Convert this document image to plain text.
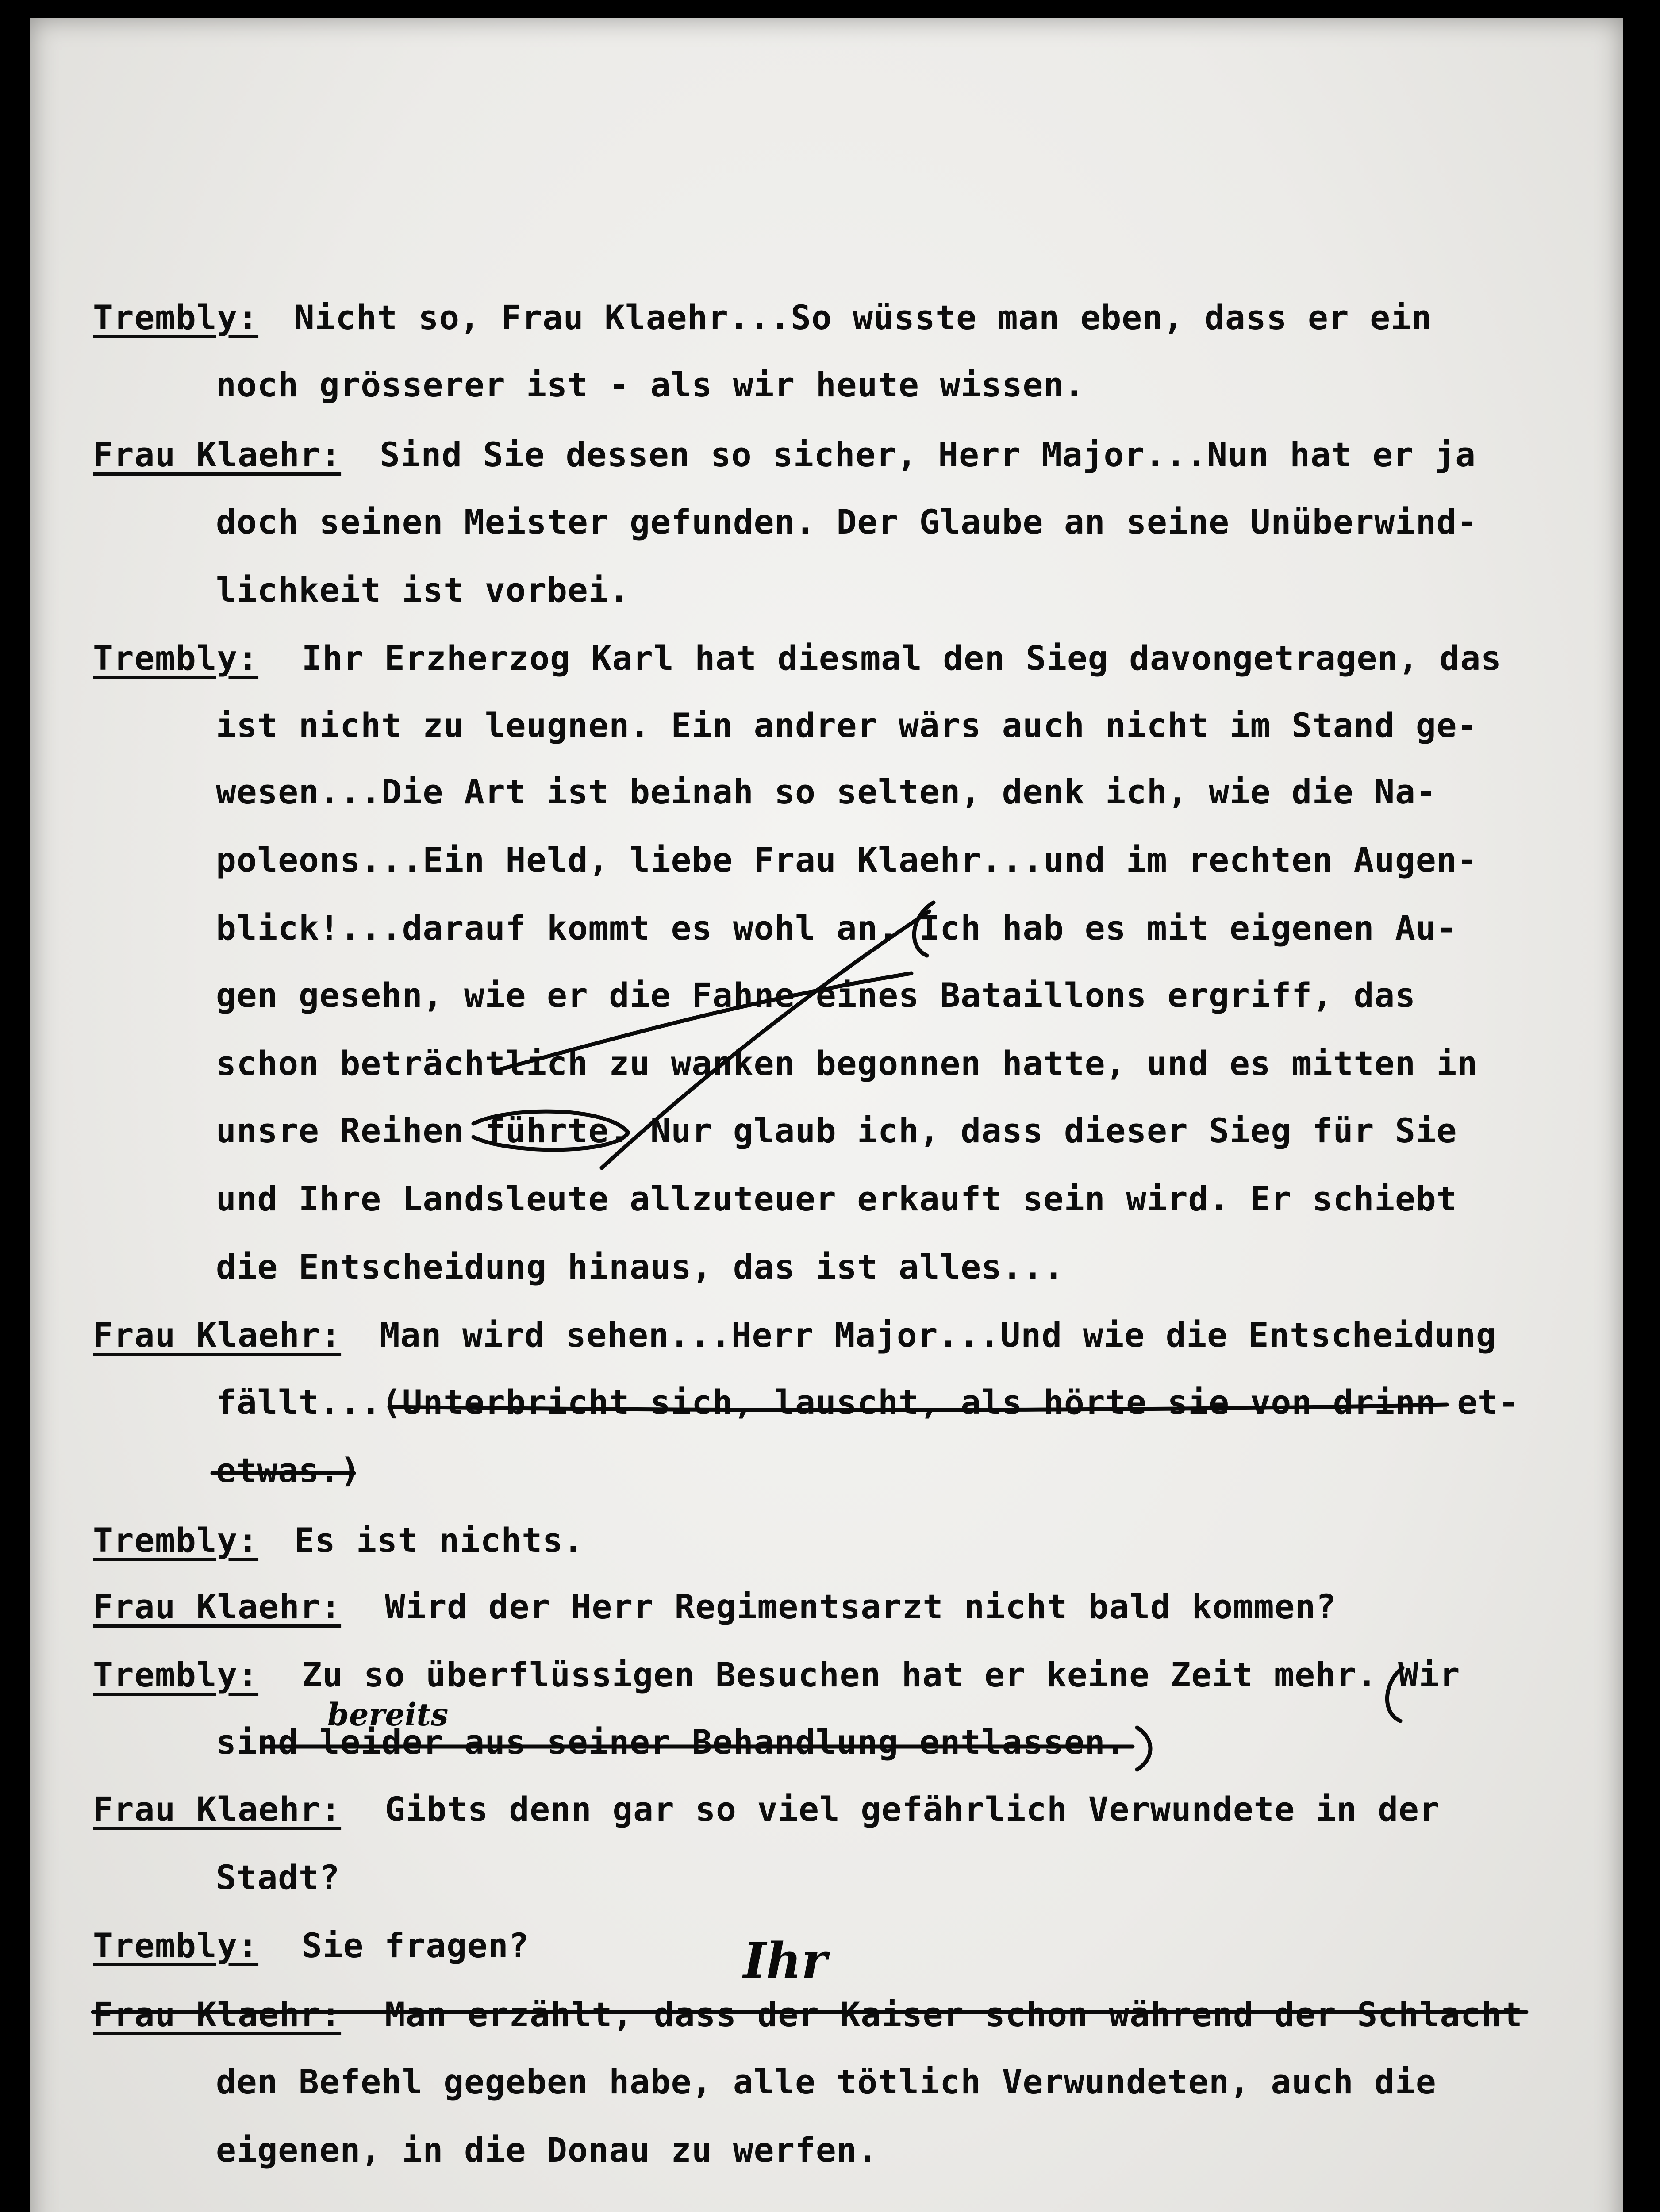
Trembly: Nicht so, Frau Klaehr...So wüsste man eben, dass er ein
noch grösserer ist - als wir heute wissen.
Frau Klaehr: Sind Sie dessen so sicher, Herr Major...Nun hat er ja
doch seinen Meister gefunden. Der Glaube an seine Unüberwind-
lichkeit ist vorbei.
Trembly: Ihr Erzherzog Karl hat diesmal den Sieg davongetragen, das
ist nicht zu leugnen. Ein andrer wärs auch nicht im Stand ge-
wesen...Die Art ist beinah so selten, denk ich, wie die Na-
poleons...Ein Held, liebe Frau Klaehr...und im rechten Augen-
blick!...darauf kommt es wohl an. Ich hab es mit eigenen Au-
gen gesehn, wie er die Fahne eines Bataillons ergriff, das
schon beträchtlich zu wanken begonnen hatte, und es mitten in
unsre Reihen führte. Nur glaub ich, dass dieser Sieg für Sie
und Ihre Landsleute allzuteuer erkauft sein wird. Er schiebt
die Entscheidung hinaus, das ist alles...
Frau Klaehr: Man wird sehen...Herr Major...Und wie die Entscheidung
fällt...(Unterbricht sich, lauscht, als hörte sie von drinn et-
etwas.)
Trembly: Es ist nichts.
Frau Klaehr: Wird der Herr Regimentsarzt nicht bald kommen?
Trembly: Zu so überflüssigen Besuchen hat er keine Zeit mehr. Wir
sind leider aus seiner Behandlung entlassen.
Frau Klaehr: Gibts denn gar so viel gefährlich Verwundete in der
Stadt?
Trembly: Sie fragen?
Frau Klaehr: Man erzählt, dass der Kaiser schon während der Schlacht
den Befehl gegeben habe, alle tötlich Verwundeten, auch die
eigenen, in die Donau zu werfen.
bereits
Ihr
